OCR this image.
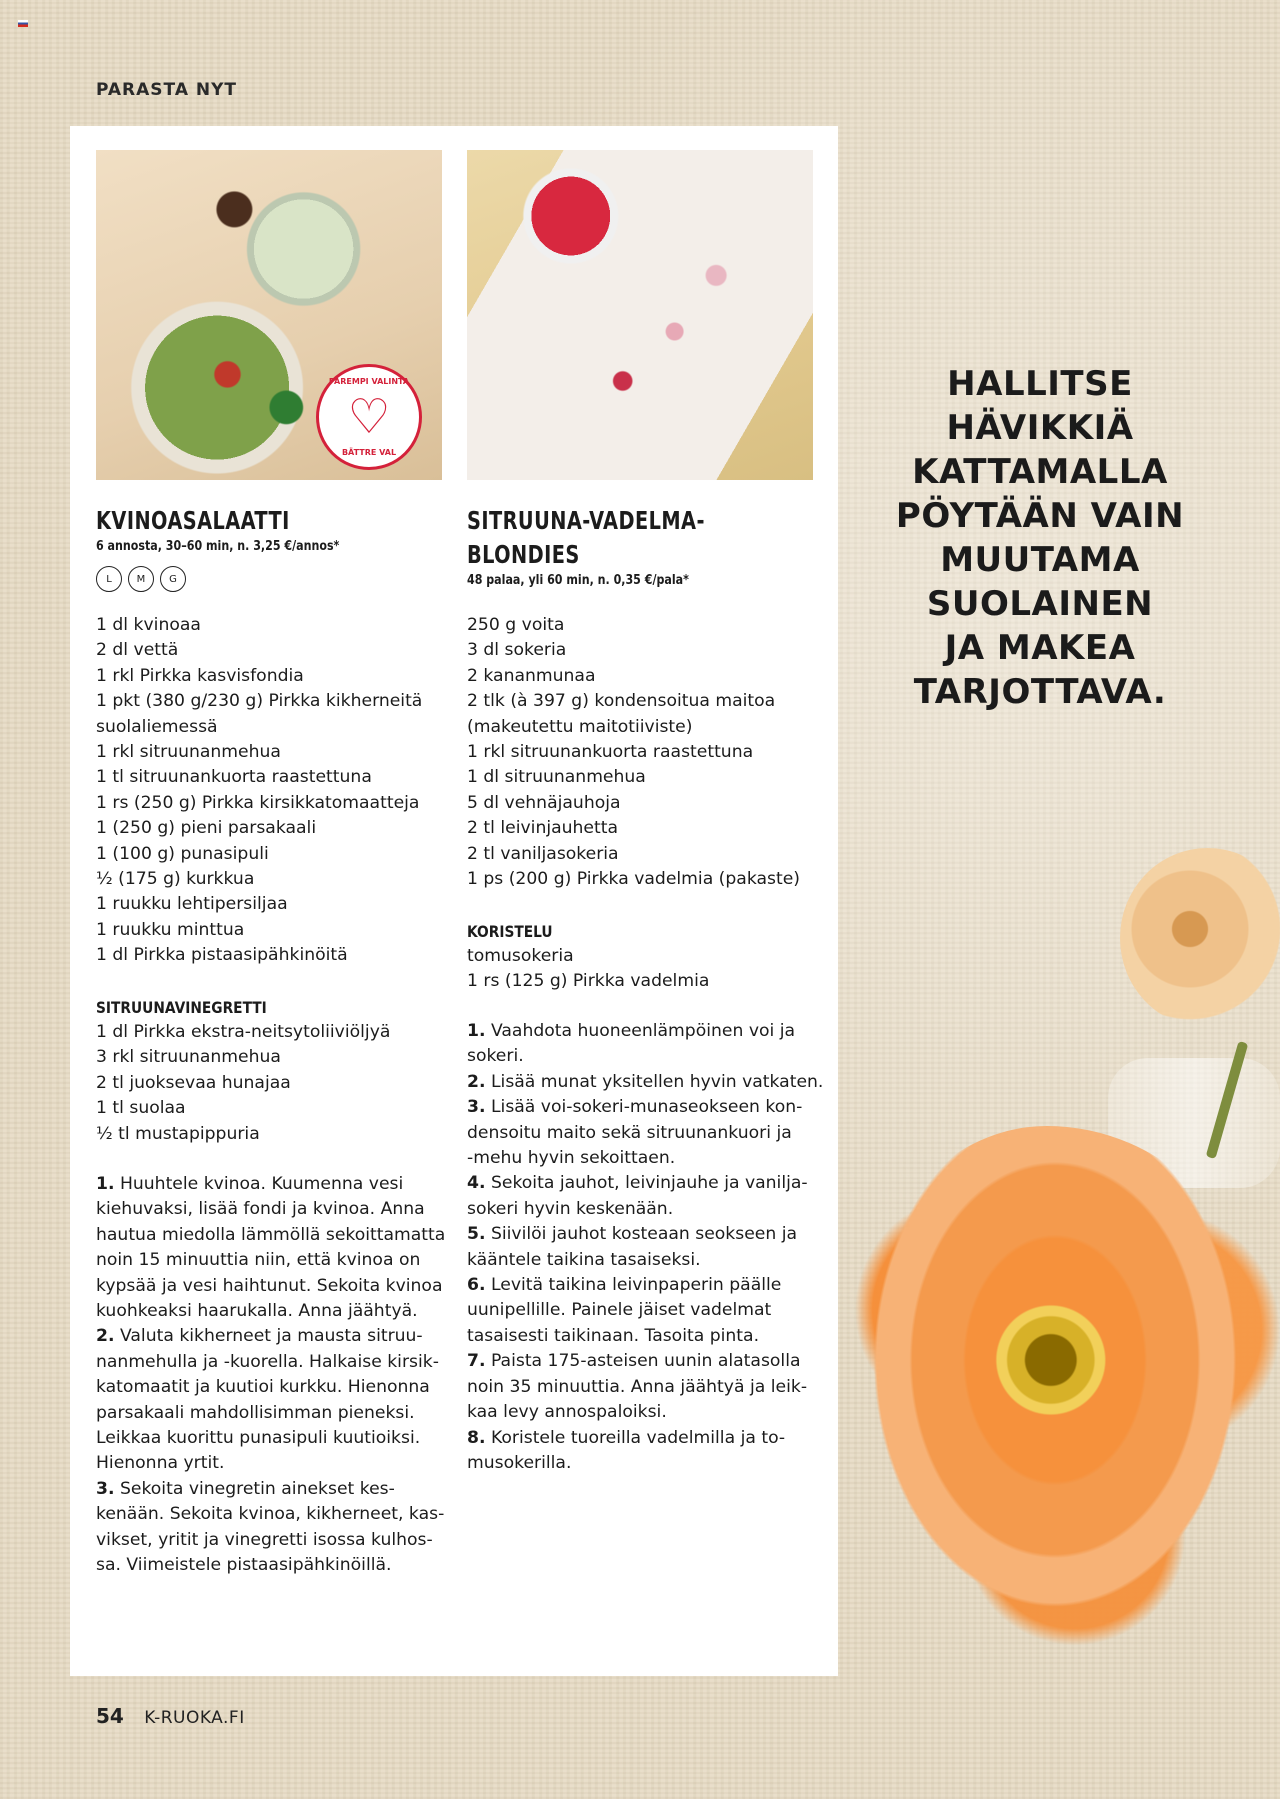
PARASTA NYT
HALLITSE
HÄVIKKIÄ
KATTAMALLA
PÖYTÄÄN VAIN
MUUTAMA
SUOLAINEN
JA MAKEA
TARJOTTAVA.
PAREMPI VALINTA
♡
BÄTTRE VAL
KVINOASALAATTI
6 annosta, 30–60 min, n. 3,25 €/annos*
L	M	G
1 dl kvinoaa
2 dl vettä
1 rkl Pirkka kasvisfondia
1 pkt (380 g/230 g) Pirkka kikherneitä
suolaliemessä
1 rkl sitruunanmehua
1 tl sitruunankuorta raastettuna
1 rs (250 g) Pirkka kirsikkatomaatteja
1 (250 g) pieni parsakaali
1 (100 g) punasipuli
½ (175 g) kurkkua
1 ruukku lehtipersiljaa
1 ruukku minttua
1 dl Pirkka pistaasipähkinöitä
SITRUUNAVINEGRETTI
1 dl Pirkka ekstra-neitsytoliiviöljyä
3 rkl sitruunanmehua
2 tl juoksevaa hunajaa
1 tl suolaa
½ tl mustapippuria
1. Huuhtele kvinoa. Kuumenna vesi
kiehuvaksi, lisää fondi ja kvinoa. Anna
hautua miedolla lämmöllä sekoittamatta
noin 15 minuuttia niin, että kvinoa on
kypsää ja vesi haihtunut. Sekoita kvinoa
kuohkeaksi haarukalla. Anna jäähtyä.
2. Valuta kikherneet ja mausta sitruu-
nanmehulla ja -kuorella. Halkaise kirsik-
katomaatit ja kuutioi kurkku. Hienonna
parsakaali mahdollisimman pieneksi.
Leikkaa kuorittu punasipuli kuutioiksi.
Hienonna yrtit.
3. Sekoita vinegretin ainekset kes-
kenään. Sekoita kvinoa, kikherneet, kas-
vikset, yritit ja vinegretti isossa kulhos-
sa. Viimeistele pistaasipähkinöillä.
SITRUUNA-VADELMA-
BLONDIES
48 palaa, yli 60 min, n. 0,35 €/pala*
250 g voita
3 dl sokeria
2 kananmunaa
2 tlk (à 397 g) kondensoitua maitoa
(makeutettu maitotiiviste)
1 rkl sitruunankuorta raastettuna
1 dl sitruunanmehua
5 dl vehnäjauhoja
2 tl leivinjauhetta
2 tl vaniljasokeria
1 ps (200 g) Pirkka vadelmia (pakaste)
KORISTELU
tomusokeria
1 rs (125 g) Pirkka vadelmia
1. Vaahdota huoneenlämpöinen voi ja
sokeri.
2. Lisää munat yksitellen hyvin vatkaten.
3. Lisää voi-sokeri-munaseokseen kon-
densoitu maito sekä sitruunankuori ja
-mehu hyvin sekoittaen.
4. Sekoita jauhot, leivinjauhe ja vanilja-
sokeri hyvin keskenään.
5. Siivilöi jauhot kosteaan seokseen ja
kääntele taikina tasaiseksi.
6. Levitä taikina leivinpaperin päälle
uunipellille. Painele jäiset vadelmat
tasaisesti taikinaan. Tasoita pinta.
7. Paista 175-asteisen uunin alatasolla
noin 35 minuuttia. Anna jäähtyä ja leik-
kaa levy annospaloiksi.
8. Koristele tuoreilla vadelmilla ja to-
musokerilla.
54 K-RUOKA.FI
